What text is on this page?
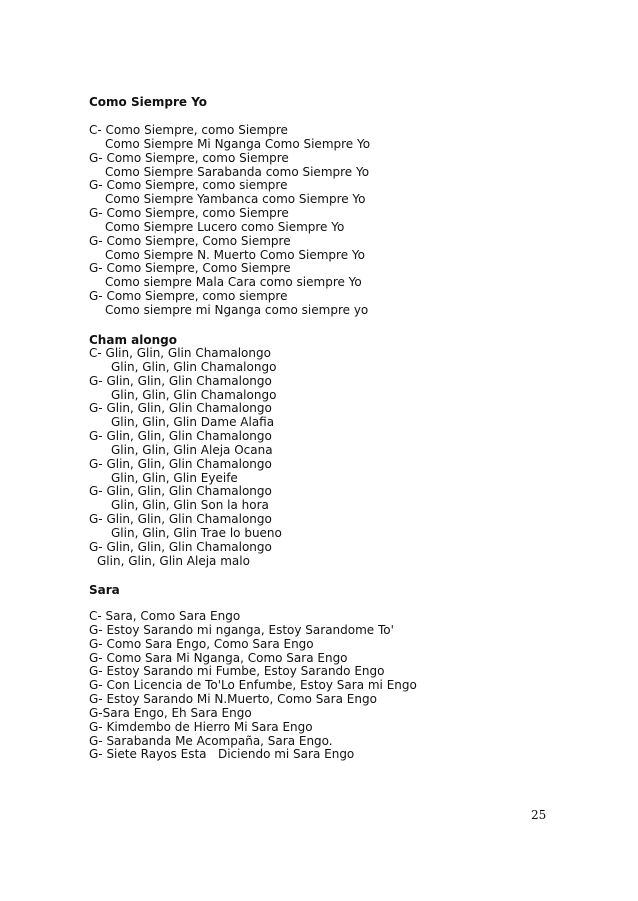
Como Siempre Yo

C- Como Siempre, como Siempre

Como Siempre Mi Nganga Como Siempre Yo

G- Como Siempre, como Siempre

Como Siempre Sarabanda como Siempre Yo

G- Como Siempre, como siempre

Como Siempre Yambanca como Siempre Yo

G- Como Siempre, como Siempre

Como Siempre Lucero como Siempre Yo

G- Como Siempre, Como Siempre

Como Siempre N. Muerto Como Siempre Yo

G- Como Siempre, Como Siempre

Como siempre Mala Cara como siempre Yo

G- Como Siempre, como siempre

Como siempre mi Nganga como siempre yo

Cham alongo

C- Glin, Glin, Glin Chamalongo

Glin, Glin, Glin Chamalongo

G- Glin, Glin, Glin Chamalongo

Glin, Glin, Glin Chamalongo

G- Glin, Glin, Glin Chamalongo

Glin, Glin, Glin Dame Alafia

G- Glin, Glin, Glin Chamalongo

Glin, Glin, Glin Aleja Ocana

G- Glin, Glin, Glin Chamalongo

Glin, Glin, Glin Eyeife

G- Glin, Glin, Glin Chamalongo

Glin, Glin, Glin Son la hora

G- Glin, Glin, Glin Chamalongo

Glin, Glin, Glin Trae lo bueno

G- Glin, Glin, Glin Chamalongo

Glin, Glin, Glin Aleja malo

Sara

C- Sara, Como Sara Engo

G- Estoy Sarando mi nganga, Estoy Sarandome To'

G- Como Sara Engo, Como Sara Engo

G- Como Sara Mi Nganga, Como Sara Engo

G- Estoy Sarando mi Fumbe, Estoy Sarando Engo

G- Con Licencia de To'Lo Enfumbe, Estoy Sara mi Engo

G- Estoy Sarando Mi N.Muerto, Como Sara Engo

G-Sara Engo, Eh Sara Engo

G- Kimdembo de Hierro Mi Sara Engo

G- Sarabanda Me Acompaña, Sara Engo.

G- Siete Rayos Esta   Diciendo mi Sara Engo

25
